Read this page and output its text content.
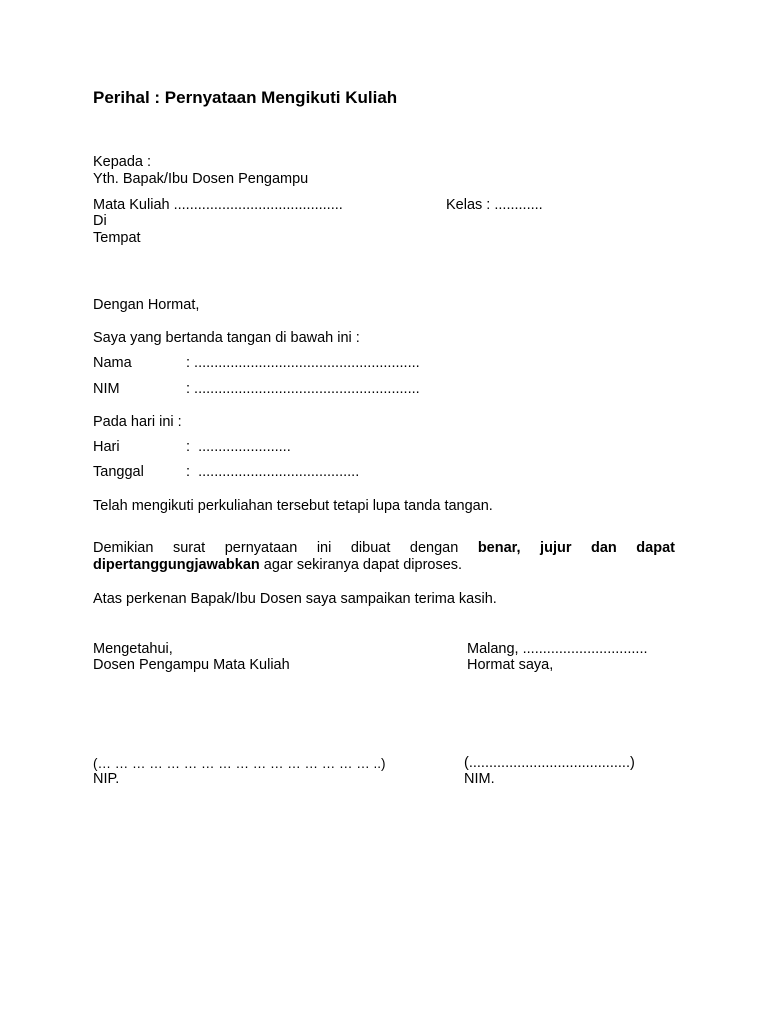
Perihal : Pernyataan Mengikuti Kuliah
Kepada :
Yth. Bapak/Ibu Dosen Pengampu
Mata Kuliah ..........................................	Kelas : ............
Di
Tempat
Dengan Hormat,
Saya yang bertanda tangan di bawah ini :
Nama	: ........................................................
NIM	: ........................................................
Pada hari ini :
Hari	:  .......................
Tanggal	:  ........................................
Telah mengikuti perkuliahan tersebut tetapi lupa tanda tangan.
Demikian surat pernyataan ini dibuat dengan benar, jujur dan dapat
dipertanggungjawabkan agar sekiranya dapat diproses.
Atas perkenan Bapak/Ibu Dosen saya sampaikan terima kasih.
Mengetahui,
Dosen Pengampu Mata Kuliah
Malang, ...............................
Hormat saya,
(… … … … … … … … … … … … … … … … ..)
NIP.
(........................................)
NIM.
